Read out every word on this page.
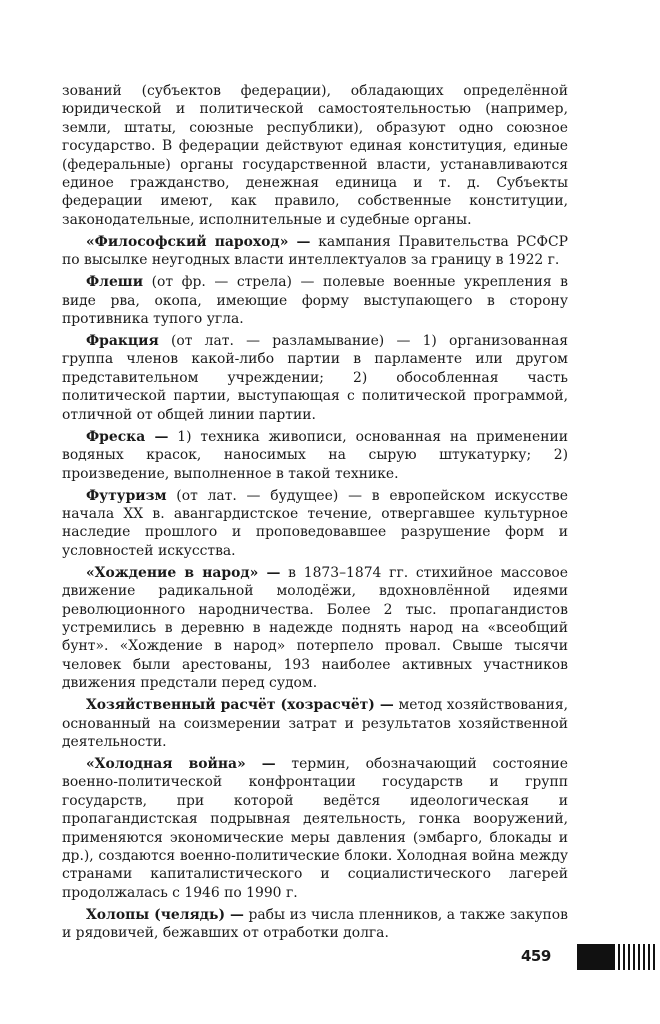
зований (субъектов федерации), обладающих определённой юридической и политической самостоятельностью (например, земли, штаты, союзные республики), образуют одно союзное государство. В федерации действуют единая конституция, единые (федеральные) органы государственной власти, устанавливаются единое гражданство, денежная единица и т. д. Субъекты федерации имеют, как правило, собственные конституции, законодательные, исполнительные и судебные органы.

«Философский пароход» — кампания Правительства РСФСР по высылке неугодных власти интеллектуалов за границу в 1922 г.

Флеши (от фр. — стрела) — полевые военные укрепления в виде рва, окопа, имеющие форму выступающего в сторону противника тупого угла.

Фракция (от лат. — разламывание) — 1) организованная группа членов какой-либо партии в парламенте или другом представительном учреждении; 2) обособленная часть политической партии, выступающая с политической программой, отличной от общей линии партии.

Фреска — 1) техника живописи, основанная на применении водяных красок, наносимых на сырую штукатурку; 2) произведение, выполненное в такой технике.

Футуризм (от лат. — будущее) — в европейском искусстве начала XX в. авангардистское течение, отвергавшее культурное наследие прошлого и проповедовавшее разрушение форм и условностей искусства.

«Хождение в народ» — в 1873–1874 гг. стихийное массовое движение радикальной молодёжи, вдохновлённой идеями революционного народничества. Более 2 тыс. пропагандистов устремились в деревню в надежде поднять народ на «всеобщий бунт». «Хождение в народ» потерпело провал. Свыше тысячи человек были арестованы, 193 наиболее активных участников движения предстали перед судом.

Хозяйственный расчёт (хозрасчёт) — метод хозяйствования, основанный на соизмерении затрат и результатов хозяйственной деятельности.

«Холодная война» — термин, обозначающий состояние военно-политической конфронтации государств и групп государств, при которой ведётся идеологическая и пропагандистская подрывная деятельность, гонка вооружений, применяются экономические меры давления (эмбарго, блокады и др.), создаются военно-политические блоки. Холодная война между странами капиталистического и социалистического лагерей продолжалась с 1946 по 1990 г.

Холопы (челядь) — рабы из числа пленников, а также закупов и рядовичей, бежавших от отработки долга.

459
